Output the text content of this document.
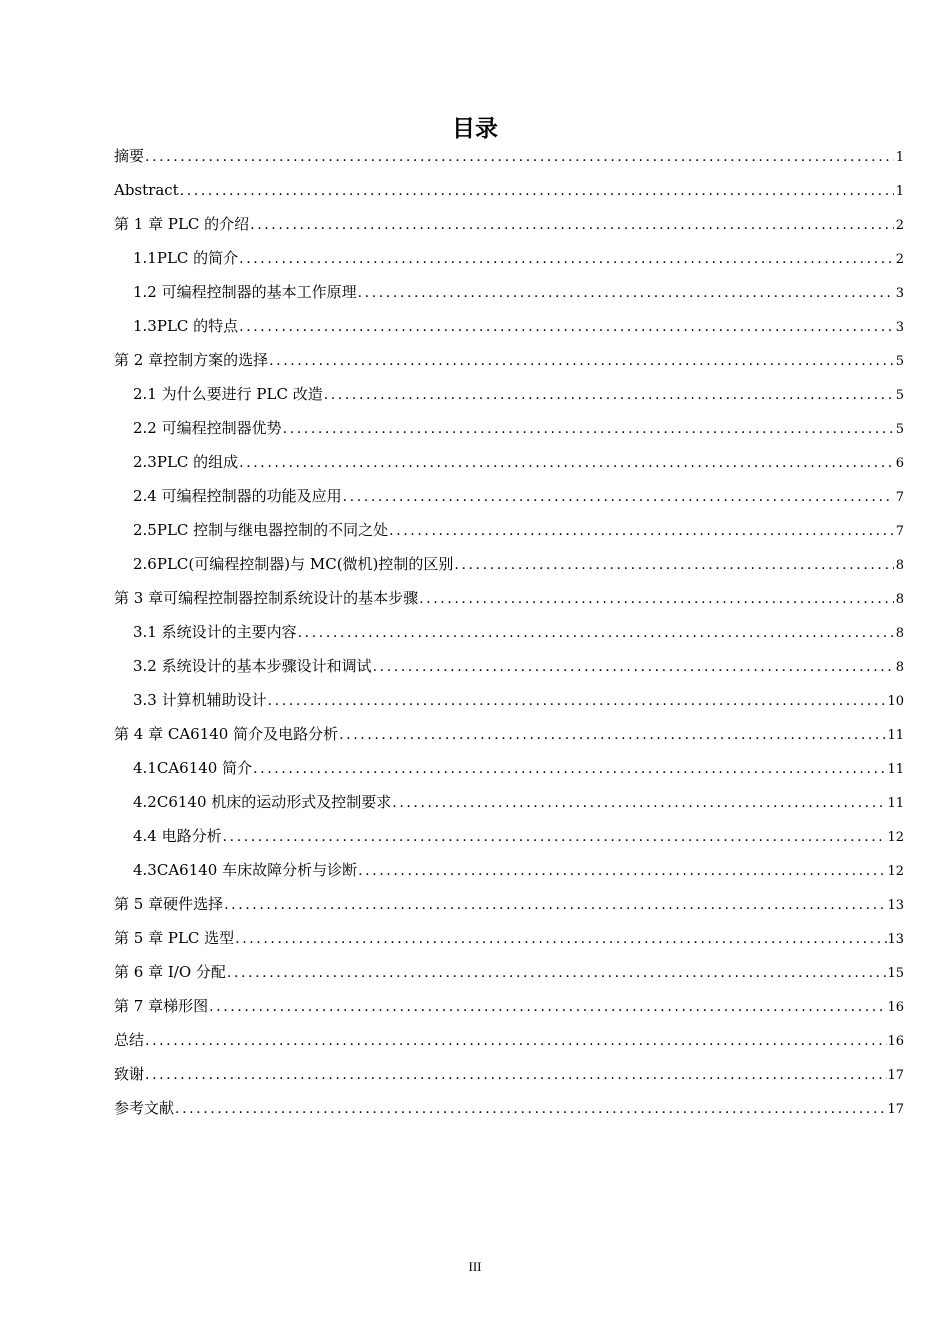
目录
摘要 .....	1
Abstract .....	1
第 1 章 PLC 的介绍 .....	2
1.1PLC 的简介 .....	2
1.2 可编程控制器的基本工作原理 .....	3
1.3PLC 的特点 .....	3
第 2 章控制方案的选择 .....	5
2.1 为什么要进行 PLC 改造 .....	5
2.2 可编程控制器优势 .....	5
2.3PLC 的组成 .....	6
2.4 可编程控制器的功能及应用 .....	7
2.5PLC 控制与继电器控制的不同之处 .....	7
2.6PLC(可编程控制器)与 MC(微机)控制的区别 .....	8
第 3 章可编程控制器控制系统设计的基本步骤 .....	8
3.1 系统设计的主要内容 .....	8
3.2 系统设计的基本步骤设计和调试 .....	8
3.3 计算机辅助设计 .....	10
第 4 章 CA6140 简介及电路分析 .....	11
4.1CA6140 简介 .....	11
4.2C6140 机床的运动形式及控制要求 .....	11
4.4 电路分析 .....	12
4.3CA6140 车床故障分析与诊断 .....	12
第 5 章硬件选择 .....	13
第 5 章 PLC 选型 .....	13
第 6 章 I/O 分配 .....	15
第 7 章梯形图 .....	16
总结 .....	16
致谢 .....	17
参考文献 .....	17
III
